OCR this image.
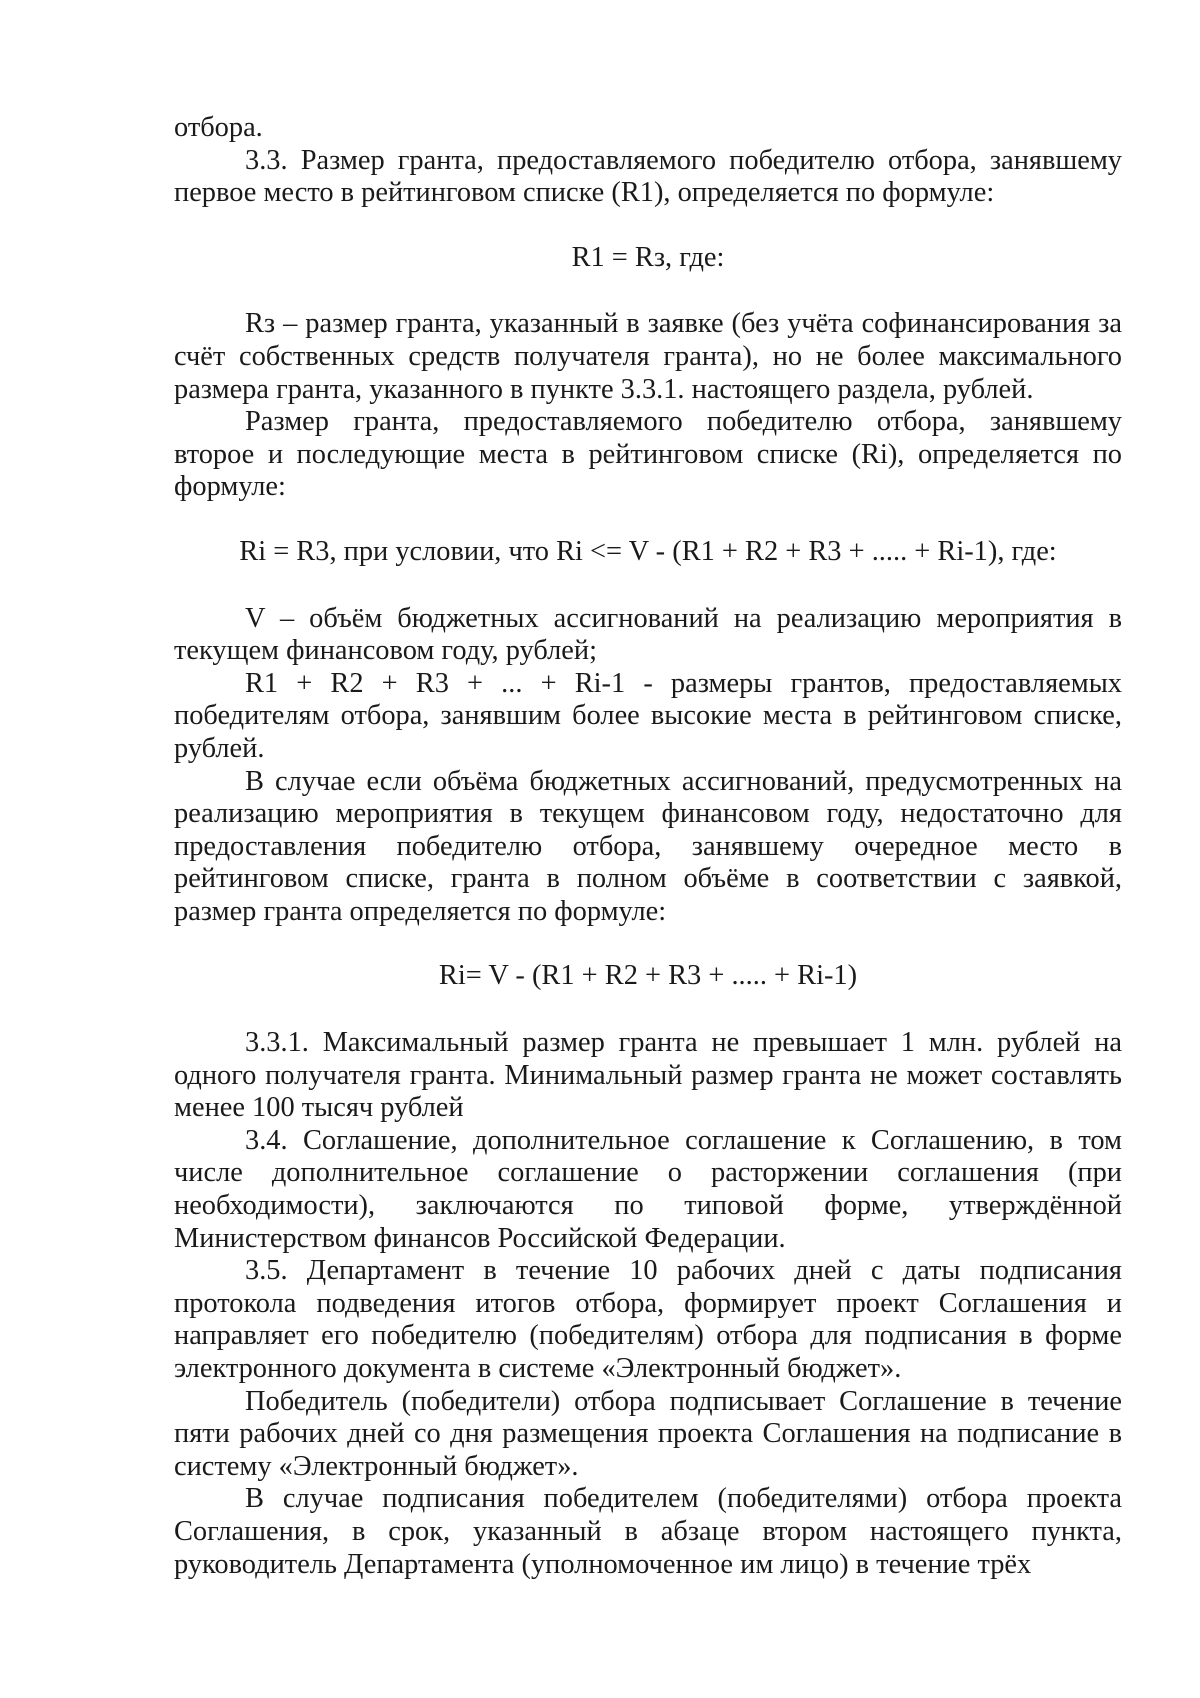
отбора.

3.3. Размер гранта, предоставляемого победителю отбора, занявшему первое место в рейтинговом списке (R1), определяется по формуле:

R1 = Rз, где:

Rз – размер гранта, указанный в заявке (без учёта софинансирования за счёт собственных средств получателя гранта), но не более максимального размера гранта, указанного в пункте 3.3.1. настоящего раздела, рублей.

Размер гранта, предоставляемого победителю отбора, занявшему второе и последующие места в рейтинговом списке (Ri), определяется по формуле:

Ri = R3, при условии, что Ri <= V - (R1 + R2 + R3 + ..... + Ri-1), где:

V – объём бюджетных ассигнований на реализацию мероприятия в текущем финансовом году, рублей;

R1 + R2 + R3 + ... + Ri-1 - размеры грантов, предоставляемых победителям отбора, занявшим более высокие места в рейтинговом списке, рублей.

В случае если объёма бюджетных ассигнований, предусмотренных на реализацию мероприятия в текущем финансовом году, недостаточно для предоставления победителю отбора, занявшему очередное место в рейтинговом списке, гранта в полном объёме в соответствии с заявкой, размер гранта определяется по формуле:

Ri= V - (R1 + R2 + R3 + ..... + Ri-1)

3.3.1. Максимальный размер гранта не превышает 1 млн. рублей на одного получателя гранта. Минимальный размер гранта не может составлять менее 100 тысяч рублей

3.4. Соглашение, дополнительное соглашение к Соглашению, в том числе дополнительное соглашение о расторжении соглашения (при необходимости), заключаются по типовой форме, утверждённой Министерством финансов Российской Федерации.

3.5. Департамент в течение 10 рабочих дней с даты подписания протокола подведения итогов отбора, формирует проект Соглашения и направляет его победителю (победителям) отбора для подписания в форме электронного документа в системе «Электронный бюджет».

Победитель (победители) отбора подписывает Соглашение в течение пяти рабочих дней со дня размещения проекта Соглашения на подписание в систему «Электронный бюджет».

В случае подписания победителем (победителями) отбора проекта Соглашения, в срок, указанный в абзаце втором настоящего пункта, руководитель Департамента (уполномоченное им лицо) в течение трёх
